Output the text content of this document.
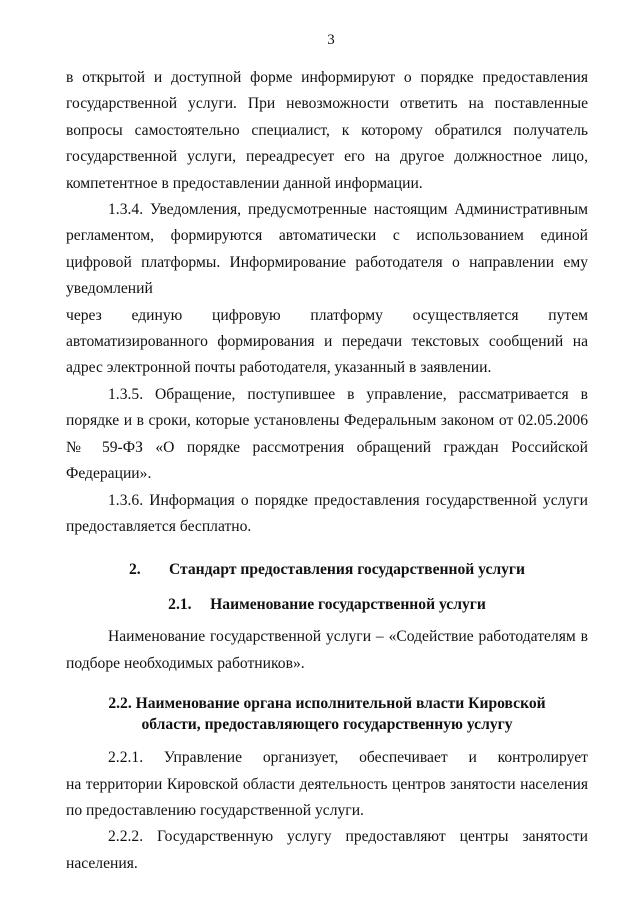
3

в открытой и доступной форме информируют о порядке предоставления государственной услуги. При невозможности ответить на поставленные вопросы самостоятельно специалист, к которому обратился получатель государственной услуги, переадресует его на другое должностное лицо, компетентное в предоставлении данной информации.

1.3.4. Уведомления, предусмотренные настоящим Административным регламентом, формируются автоматически с использованием единой цифровой платформы. Информирование работодателя о направлении ему уведомлений

через единую цифровую платформу осуществляется путем

автоматизированного формирования и передачи текстовых сообщений на адрес электронной почты работодателя, указанный в заявлении.

1.3.5. Обращение, поступившее в управление, рассматривается в порядке и в сроки, которые установлены Федеральным законом от 02.05.2006 № 59-ФЗ «О порядке рассмотрения обращений граждан Российской Федерации».

1.3.6. Информация о порядке предоставления государственной услуги предоставляется бесплатно.

2. Стандарт предоставления государственной услуги
2.1. Наименование государственной услуги

Наименование государственной услуги – «Содействие работодателям в подборе необходимых работников».

2.2. Наименование органа исполнительной власти Кировской
области, предоставляющего государственную услугу
2.2.1. Управление организует, обеспечивает и контролирует

на территории Кировской области деятельность центров занятости населения по предоставлению государственной услуги.

2.2.2. Государственную услугу предоставляют центры занятости

населения.
